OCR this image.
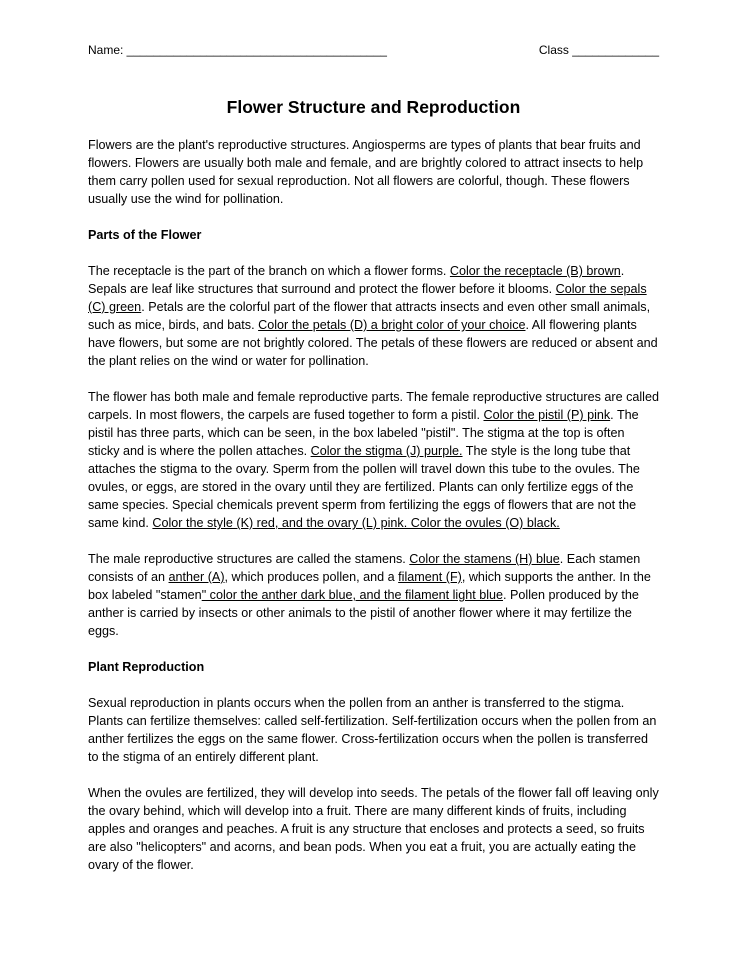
Name: _______________________________________	Class _____________
Flower Structure and Reproduction

Flowers are the plant's reproductive structures. Angiosperms are types of plants that bear fruits and flowers. Flowers are usually both male and female, and are brightly colored to attract insects to help them carry pollen used for sexual reproduction. Not all flowers are colorful, though. These flowers usually use the wind for pollination.

Parts of the Flower

The receptacle is the part of the branch on which a flower forms. Color the receptacle (B) brown. Sepals are leaf like structures that surround and protect the flower before it blooms. Color the sepals (C) green. Petals are the colorful part of the flower that attracts insects and even other small animals, such as mice, birds, and bats. Color the petals (D) a bright color of your choice. All flowering plants have flowers, but some are not brightly colored. The petals of these flowers are reduced or absent and the plant relies on the wind or water for pollination.

The flower has both male and female reproductive parts. The female reproductive structures are called carpels. In most flowers, the carpels are fused together to form a pistil. Color the pistil (P) pink. The pistil has three parts, which can be seen, in the box labeled "pistil". The stigma at the top is often sticky and is where the pollen attaches. Color the stigma (J) purple. The style is the long tube that attaches the stigma to the ovary. Sperm from the pollen will travel down this tube to the ovules. The ovules, or eggs, are stored in the ovary until they are fertilized. Plants can only fertilize eggs of the same species. Special chemicals prevent sperm from fertilizing the eggs of flowers that are not the same kind. Color the style (K) red, and the ovary (L) pink. Color the ovules (O) black.

The male reproductive structures are called the stamens. Color the stamens (H) blue. Each stamen consists of an anther (A), which produces pollen, and a filament (F), which supports the anther. In the box labeled "stamen" color the anther dark blue, and the filament light blue. Pollen produced by the anther is carried by insects or other animals to the pistil of another flower where it may fertilize the eggs.

Plant Reproduction

Sexual reproduction in plants occurs when the pollen from an anther is transferred to the stigma. Plants can fertilize themselves: called self-fertilization. Self-fertilization occurs when the pollen from an anther fertilizes the eggs on the same flower. Cross-fertilization occurs when the pollen is transferred to the stigma of an entirely different plant.

When the ovules are fertilized, they will develop into seeds. The petals of the flower fall off leaving only the ovary behind, which will develop into a fruit. There are many different kinds of fruits, including apples and oranges and peaches. A fruit is any structure that encloses and protects a seed, so fruits are also "helicopters" and acorns, and bean pods. When you eat a fruit, you are actually eating the ovary of the flower.
